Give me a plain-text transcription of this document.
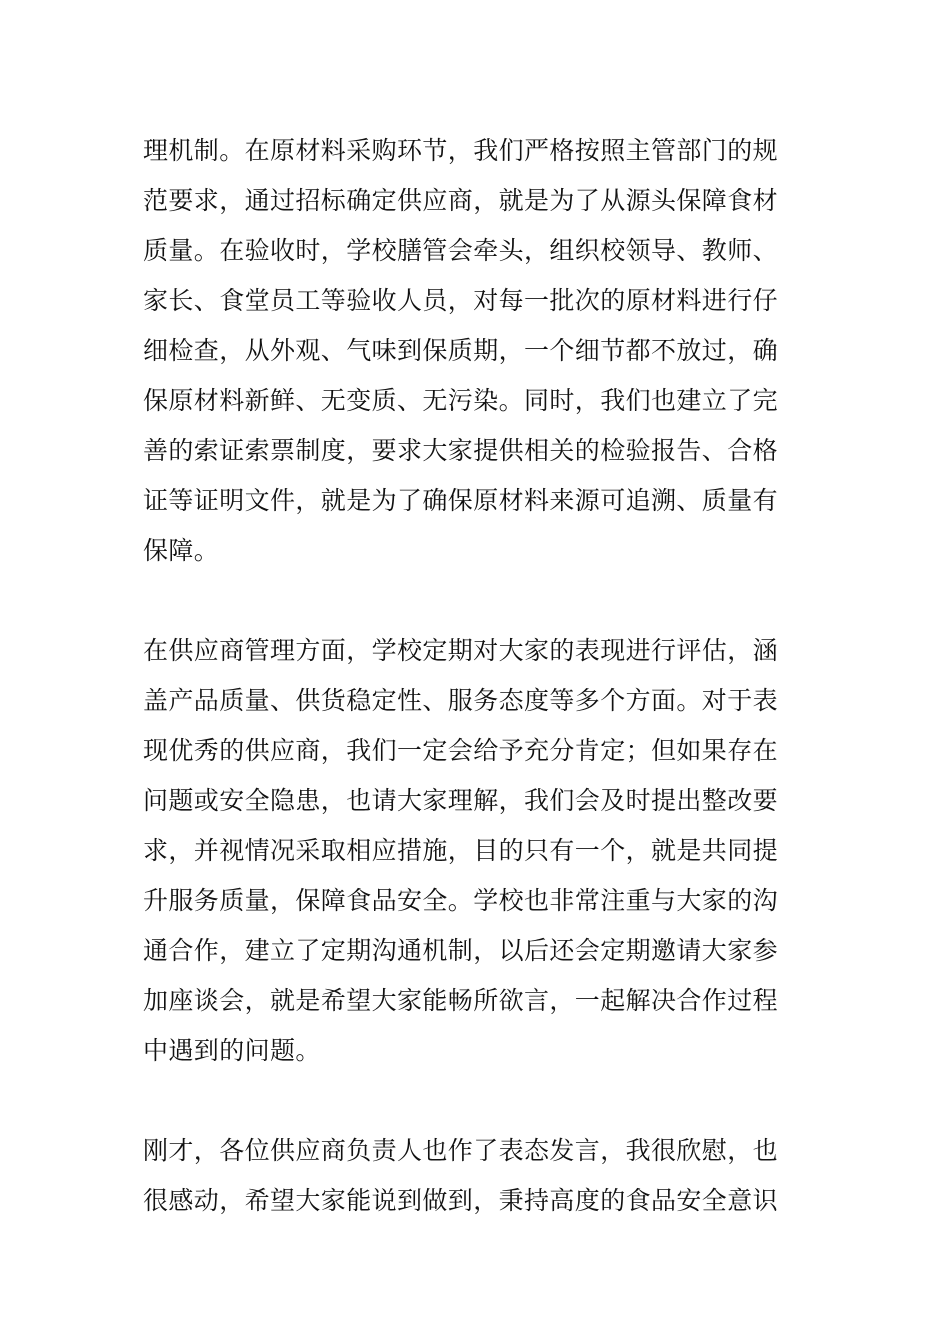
理机制。在原材料采购环节，我们严格按照主管部门的规
范要求，通过招标确定供应商，就是为了从源头保障食材
质量。在验收时，学校膳管会牵头，组织校领导、教师、
家长、食堂员工等验收人员，对每一批次的原材料进行仔
细检查，从外观、气味到保质期，一个细节都不放过，确
保原材料新鲜、无变质、无污染。同时，我们也建立了完
善的索证索票制度，要求大家提供相关的检验报告、合格
证等证明文件，就是为了确保原材料来源可追溯、质量有
保障。

在供应商管理方面，学校定期对大家的表现进行评估，涵
盖产品质量、供货稳定性、服务态度等多个方面。对于表
现优秀的供应商，我们一定会给予充分肯定；但如果存在
问题或安全隐患，也请大家理解，我们会及时提出整改要
求，并视情况采取相应措施，目的只有一个，就是共同提
升服务质量，保障食品安全。学校也非常注重与大家的沟
通合作，建立了定期沟通机制，以后还会定期邀请大家参
加座谈会，就是希望大家能畅所欲言，一起解决合作过程
中遇到的问题。

刚才，各位供应商负责人也作了表态发言，我很欣慰，也
很感动，希望大家能说到做到，秉持高度的食品安全意识
